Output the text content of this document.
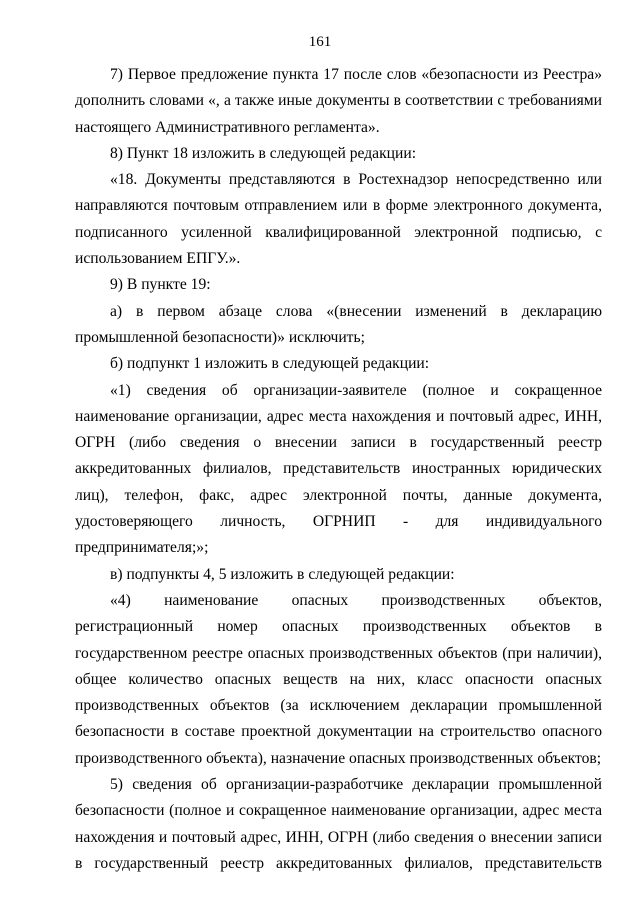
161

7) Первое предложение пункта 17 после слов «безопасности из Реестра» дополнить словами «, а также иные документы в соответствии с требованиями настоящего Административного регламента».

8) Пункт 18 изложить в следующей редакции:

«18. Документы представляются в Ростехнадзор непосредственно или направляются почтовым отправлением или в форме электронного документа, подписанного усиленной квалифицированной электронной подписью, с использованием ЕПГУ.».

9) В пункте 19:

а) в первом абзаце слова «(внесении изменений в декларацию промышленной безопасности)» исключить;

б) подпункт 1 изложить в следующей редакции:

«1) сведения об организации-заявителе (полное и сокращенное наименование организации, адрес места нахождения и почтовый адрес, ИНН, ОГРН (либо сведения о внесении записи в государственный реестр аккредитованных филиалов, представительств иностранных юридических лиц), телефон, факс, адрес электронной почты, данные документа, удостоверяющего личность, ОГРНИП - для индивидуального предпринимателя;»;

в) подпункты 4, 5 изложить в следующей редакции:

«4) наименование опасных производственных объектов, регистрационный номер опасных производственных объектов в государственном реестре опасных производственных объектов (при наличии), общее количество опасных веществ на них, класс опасности опасных производственных объектов (за исключением декларации промышленной безопасности в составе проектной документации на строительство опасного производственного объекта), назначение опасных производственных объектов;

5) сведения об организации-разработчике декларации промышленной безопасности (полное и сокращенное наименование организации, адрес места нахождения и почтовый адрес, ИНН, ОГРН (либо сведения о внесении записи в государственный реестр аккредитованных филиалов, представительств
